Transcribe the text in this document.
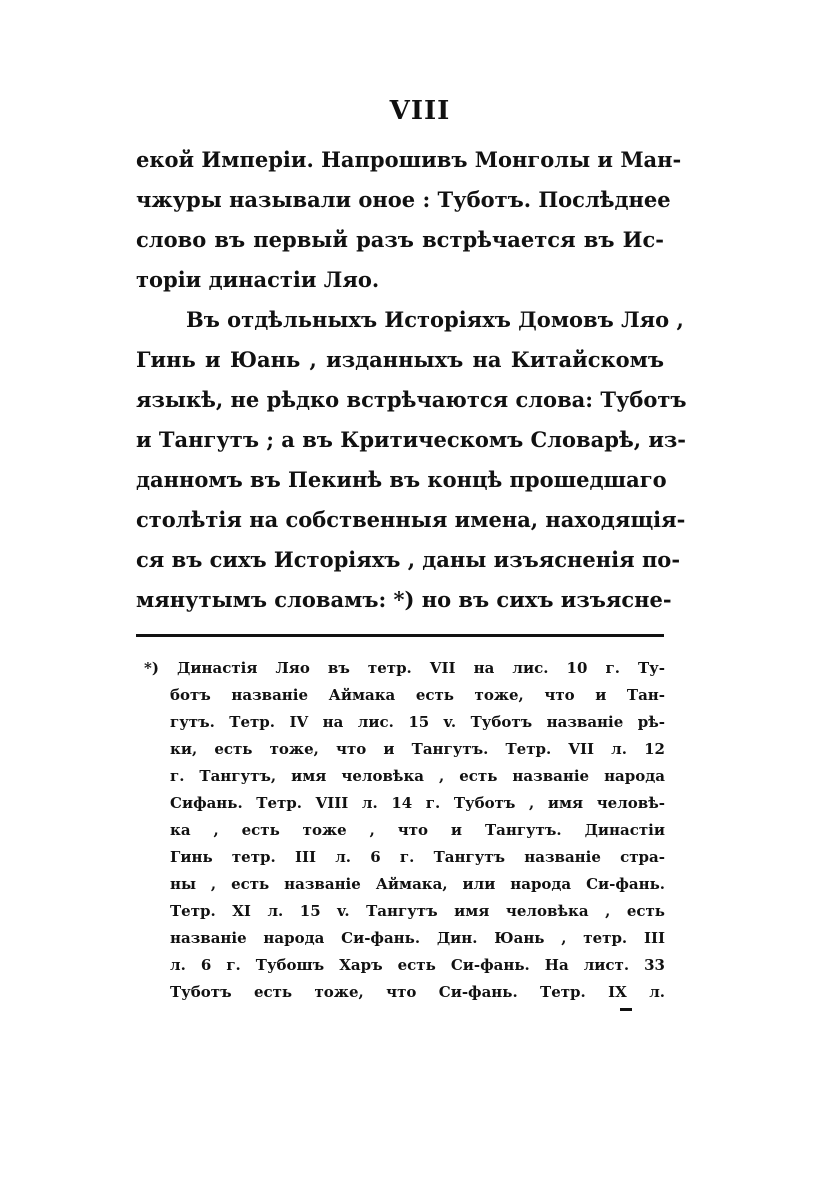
VIII
екой Имперіи. Напрошивъ Монголы и Ман-
чжуры называли оное : Туботъ. Послѣднее
слово въ первый разъ встрѣчается въ Ис-
торіи династіи Ляо.
Въ отдѣльныхъ Исторіяхъ Домовъ Ляо ,
Гинь и Юань , изданныхъ на Китайскомъ
языкѣ, не рѣдко встрѣчаются слова: Туботъ
и Тангутъ ; а въ Критическомъ Словарѣ, из-
данномъ въ Пекинѣ въ концѣ прошедшаго
столѣтія на собственныя имена, находящія-
ся въ сихъ Исторіяхъ , даны изъясненія по-
мянутымъ словамъ: *) но въ сихъ изъясне-
*) Династія Ляо въ тетр. VII на лис. 10 г. Ту-
ботъ названіе Аймака есть тоже, что и Тан-
гутъ. Тетр. IV на лис. 15 v. Туботъ названіе рѣ-
ки, есть тоже, что и Тангутъ. Тетр. VII л. 12
г. Тангутъ, имя человѣка , есть названіе народа
Сифань. Тетр. VIII л. 14 г. Туботъ , имя человѣ-
ка , есть тоже , что и Тангутъ. Династіи
Гинь тетр. III л. 6 г. Тангутъ названіе стра-
ны , есть названіе Аймака, или народа Си-фань.
Тетр. XI л. 15 v. Тангутъ имя человѣка , есть
названіе народа Си-фань. Дин. Юань , тетр. III
л. 6 г. Тубошъ Харъ есть Си-фань. На лист. 33
Туботъ есть тоже, что Си-фань. Тетр. IX л.
